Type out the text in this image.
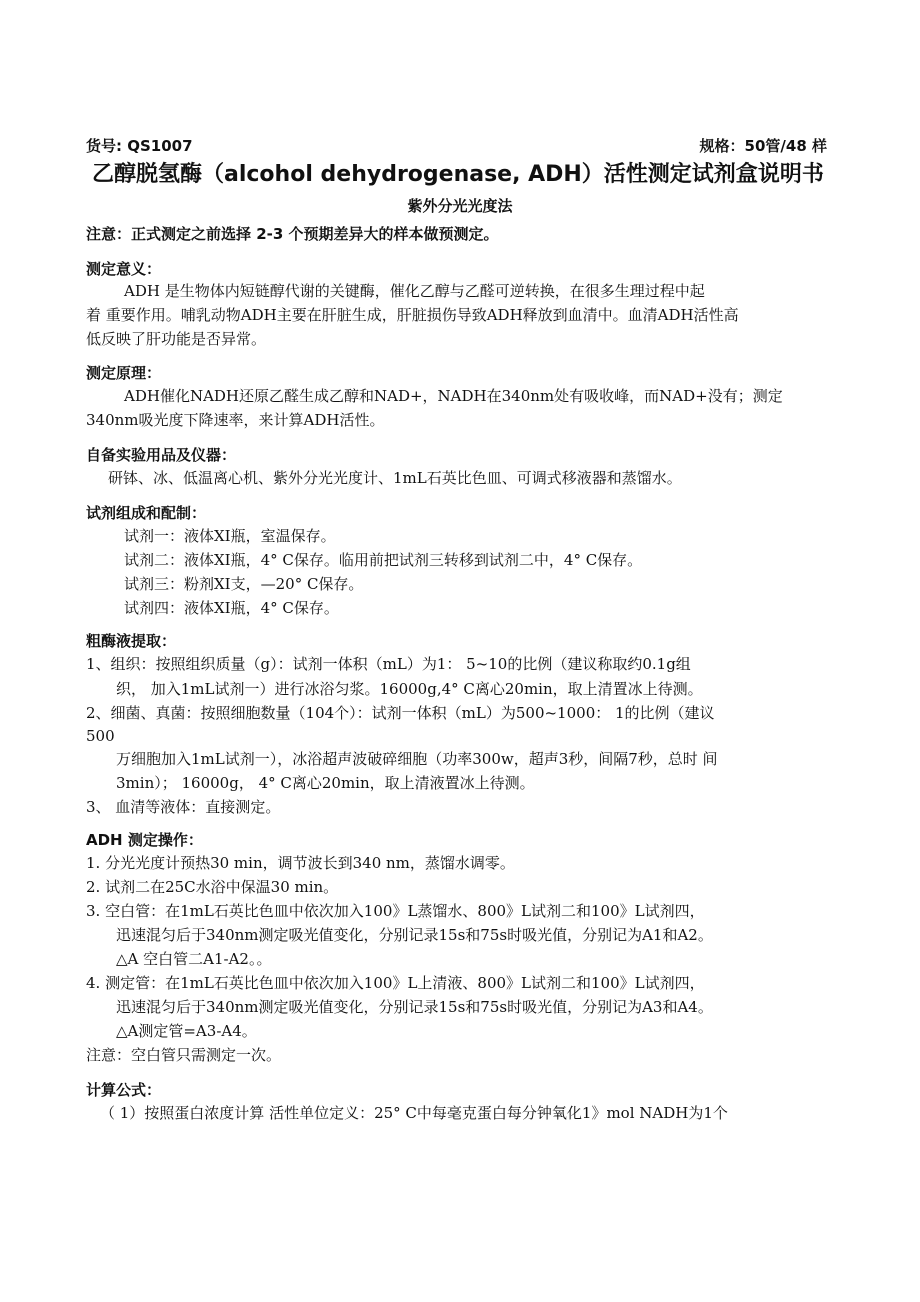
货号: QS1007	规格：50管/48 样
乙醇脱氢酶（alcohol dehydrogenase, ADH）活性测定试剂盒说明书
紫外分光光度法
注意：正式测定之前选择 2-3 个预期差异大的样本做预测定。
测定意义：
ADH 是生物体内短链醇代谢的关键酶，催化乙醇与乙醛可逆转换，在很多生理过程中起
着 重要作用。哺乳动物ADH主要在肝脏生成，肝脏损伤导致ADH释放到血清中。血清ADH活性高
低反映了肝功能是否异常。
测定原理：
ADH催化NADH还原乙醛生成乙醇和NAD+，NADH在340nm处有吸收峰，而NAD+没有；测定
340nm吸光度下降速率，来计算ADH活性。
自备实验用品及仪器：
研钵、冰、低温离心机、紫外分光光度计、1mL石英比色皿、可调式移液器和蒸馏水。
试剂组成和配制：
试剂一：液体XI瓶，室温保存。
试剂二：液体XI瓶，4° C保存。临用前把试剂三转移到试剂二中，4° C保存。
试剂三：粉剂XI支，—20° C保存。
试剂四：液体XI瓶，4° C保存。
粗酶液提取：
1、组织：按照组织质量（g）：试剂一体积（mL）为1： 5~10的比例（建议称取约0.1g组
织， 加入1mL试剂一）进行冰浴匀浆。16000g,4° C离心20min，取上清置冰上待测。
2、细菌、真菌：按照细胞数量（104个）：试剂一体积（mL）为500~1000： 1的比例（建议
500
万细胞加入1mL试剂一），冰浴超声波破碎细胞（功率300w，超声3秒，间隔7秒，总时 间
3min）； 16000g， 4° C离心20min，取上清液置冰上待测。
3、 血清等液体：直接测定。
ADH 测定操作：
1. 分光光度计预热30 min，调节波长到340 nm，蒸馏水调零。
2. 试剂二在25C水浴中保温30 min。
3. 空白管：在1mL石英比色皿中依次加入100》L蒸馏水、800》L试剂二和100》L试剂四，
迅速混匀后于340nm测定吸光值变化，分别记录15s和75s时吸光值，分别记为A1和A2。
△A 空白管二A1-A2。。
4. 测定管：在1mL石英比色皿中依次加入100》L上清液、800》L试剂二和100》L试剂四，
迅速混匀后于340nm测定吸光值变化，分别记录15s和75s时吸光值，分别记为A3和A4。
△A测定管=A3-A4。
注意：空白管只需测定一次。
计算公式：
（ 1）按照蛋白浓度计算 活性单位定义：25° C中每毫克蛋白每分钟氧化1》mol NADH为1个
